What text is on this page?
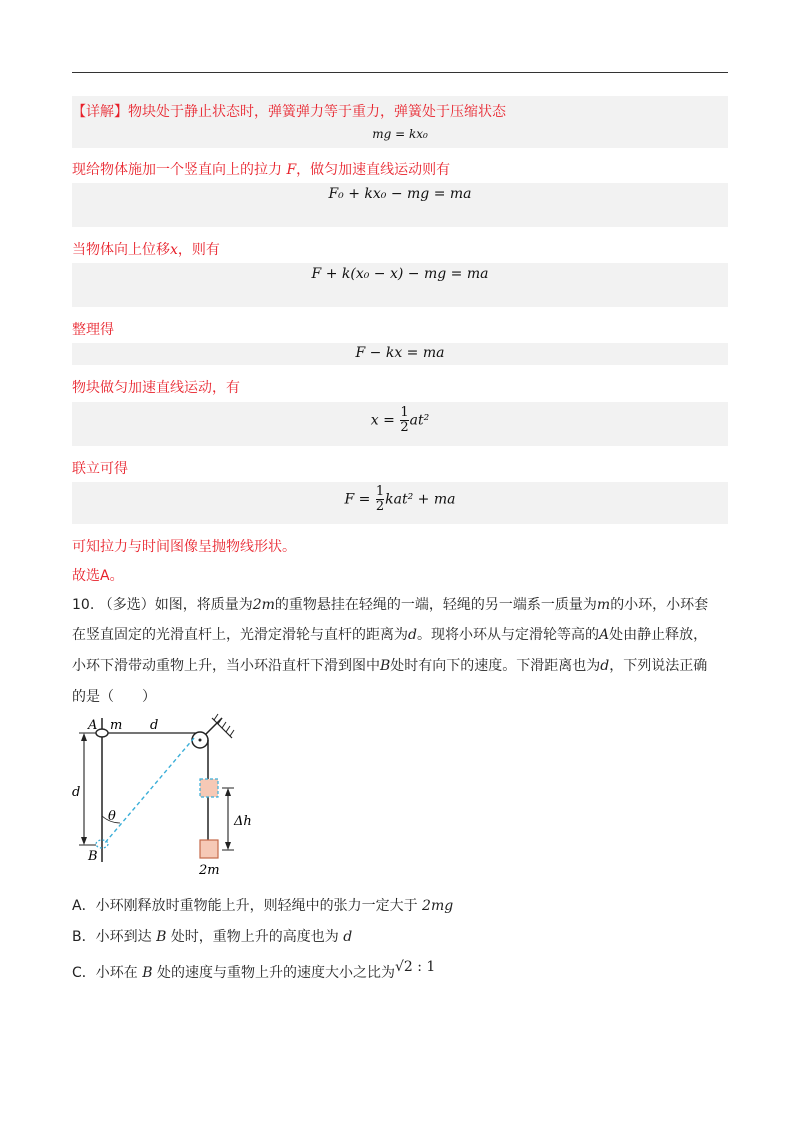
【详解】物块处于静止状态时，弹簧弹力等于重力，弹簧处于压缩状态
mg = kx₀
现给物体施加一个竖直向上的拉力 F，做匀加速直线运动则有
F₀ + kx₀ − mg = ma
当物体向上位移x，则有
F + k(x₀ − x) − mg = ma
整理得
F − kx = ma
物块做匀加速直线运动，有
$x = \frac{1}{2} at^2$
联立可得
$F = \frac{1}{2} kat^2$ + ma
可知拉力与时间图像呈抛物线形状。
故选A。
10. （多选）如图，将质量为2m的重物悬挂在轻绳的一端，轻绳的另一端系一质量为m的小环，小环套
在竖直固定的光滑直杆上，光滑定滑轮与直杆的距离为d。现将小环从与定滑轮等高的A处由静止释放，
小环下滑带动重物上升，当小环沿直杆下滑到图中B处时有向下的速度。下滑距离也为d，下列说法正确
的是（　　）
A m d
d
θ
B
Δh
2m
A．小环刚释放时重物能上升，则轻绳中的张力一定大于 2mg
B．小环到达 B 处时，重物上升的高度也为 d
C．小环在 B 处的速度与重物上升的速度大小之比为√2 : 1
